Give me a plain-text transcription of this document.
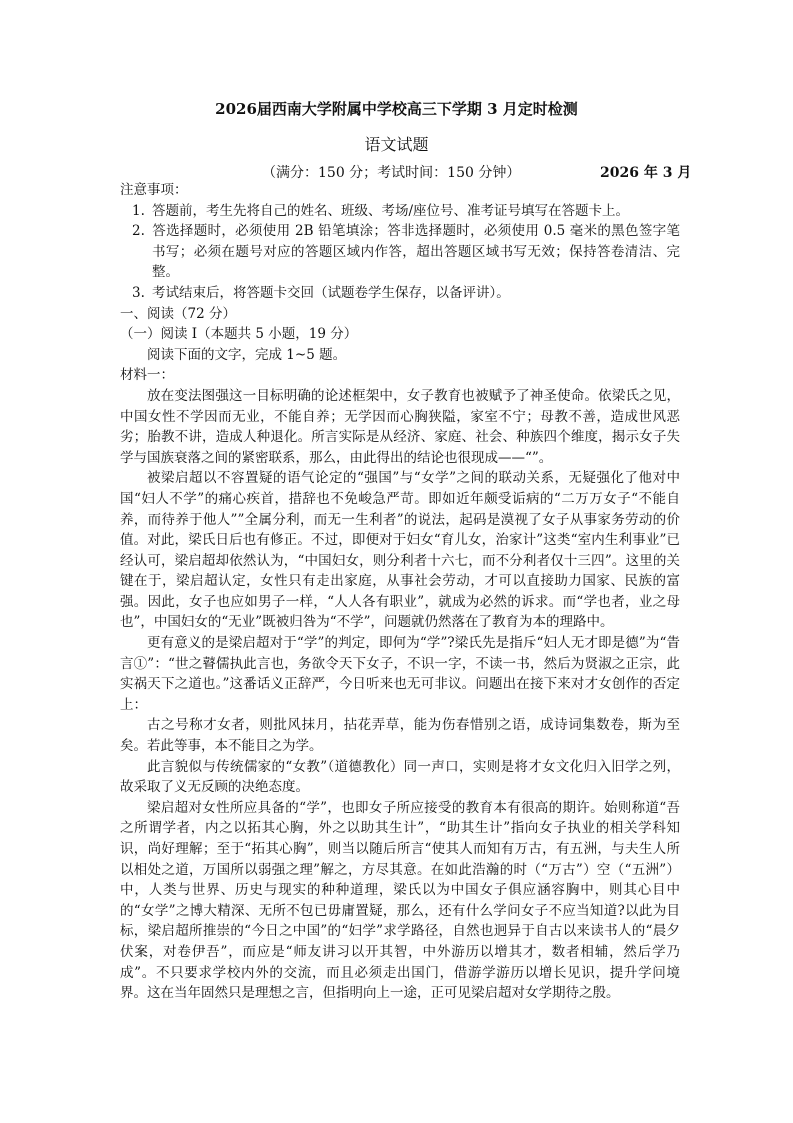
2026届西南大学附属中学校高三下学期 3 月定时检测
语文试题
（满分：150 分；考试时间：150 分钟）	2026 年 3 月

注意事项：

1. 答题前，考生先将自己的姓名、班级、考场/座位号、准考证号填写在答题卡上。

2. 答选择题时，必须使用 2B 铅笔填涂；答非选择题时，必须使用 0.5 毫米的黑色签字笔书写；必须在题号对应的答题区域内作答，超出答题区域书写无效；保持答卷清洁、完整。

3. 考试结束后，将答题卡交回（试题卷学生保存，以备评讲）。

一、阅读（72 分）

（一）阅读 I（本题共 5 小题，19 分）

阅读下面的文字，完成 1~5 题。

材料一：

放在变法图强这一目标明确的论述框架中，女子教育也被赋予了神圣使命。依梁氏之见，中国女性不学因而无业，不能自养；无学因而心胸狭隘，家室不宁；母教不善，造成世风恶劣；胎教不讲，造成人种退化。所言实际是从经济、家庭、社会、种族四个维度，揭示女子失学与国族衰落之间的紧密联系，那么，由此得出的结论也很现成——“”。

被梁启超以不容置疑的语气论定的“强国”与“女学”之间的联动关系，无疑强化了他对中国“妇人不学”的痛心疾首，措辞也不免峻急严苛。即如近年颇受诟病的“二万万女子“不能自养，而待养于他人””全属分利，而无一生利者”的说法，起码是漠视了女子从事家务劳动的价值。对此，梁氏日后也有修正。不过，即便对于妇女“育儿女，治家计”这类“室内生利事业”已经认可，梁启超却依然认为，“中国妇女，则分利者十六七，而不分利者仅十三四”。这里的关键在于，梁启超认定，女性只有走出家庭，从事社会劳动，才可以直接助力国家、民族的富强。因此，女子也应如男子一样，“人人各有职业”，就成为必然的诉求。而“学也者，业之母也”，中国妇女的“无业”既被归咎为“不学”，问题就仍然落在了教育为本的理路中。

更有意义的是梁启超对于“学”的判定，即何为“学”?梁氏先是指斥“妇人无才即是德”为“眚言①”：“世之瞽儒执此言也，务欲令天下女子，不识一字，不读一书，然后为贤淑之正宗，此实祸天下之道也。”这番话义正辞严，今日听来也无可非议。问题出在接下来对才女创作的否定上：

古之号称才女者，则批风抹月，拈花弄草，能为伤春惜别之语，成诗词集数卷，斯为至矣。若此等事，本不能目之为学。

此言貌似与传统儒家的“女教”（道德教化）同一声口，实则是将才女文化归入旧学之列，故采取了义无反顾的决绝态度。

梁启超对女性所应具备的“学”，也即女子所应接受的教育本有很高的期许。始则称道“吾之所谓学者，内之以拓其心胸，外之以助其生计”，“助其生计”指向女子执业的相关学科知识，尚好理解；至于“拓其心胸”，则当以随后所言“使其人而知有万古，有五洲，与夫生人所以相处之道，万国所以弱强之理”解之，方尽其意。在如此浩瀚的时（“万古”）空（“五洲”）中，人类与世界、历史与现实的种种道理，梁氏以为中国女子俱应涵容胸中，则其心目中的“女学”之博大精深、无所不包已毋庸置疑，那么，还有什么学问女子不应当知道?以此为目标，梁启超所推崇的“今日之中国”的“妇学”求学路径，自然也迥异于自古以来读书人的“晨夕伏案，对卷伊吾”，而应是“师友讲习以开其智，中外游历以增其才，数者相辅，然后学乃成”。不只要求学校内外的交流，而且必须走出国门，借游学游历以增长见识，提升学问境界。这在当年固然只是理想之言，但指明向上一途，正可见梁启超对女学期待之殷。
